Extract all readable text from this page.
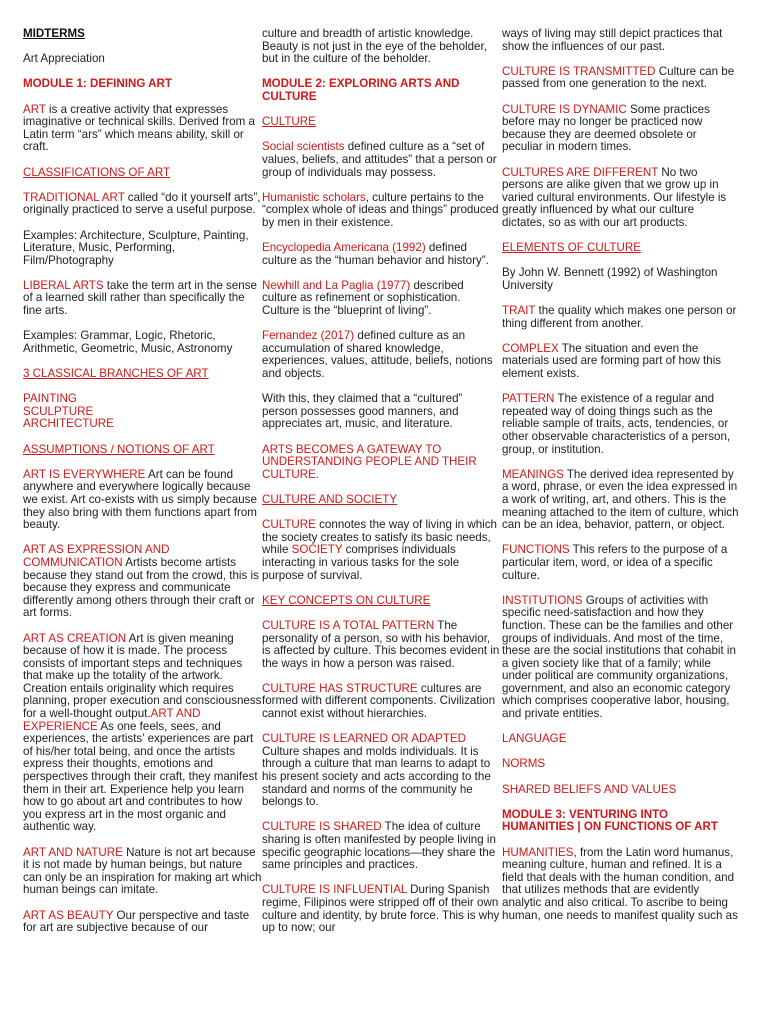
MIDTERMS
Art Appreciation
MODULE 1: DEFINING ART
ART is a creative activity that expresses imaginative or technical skills. Derived from a Latin term “ars” which means ability, skill or craft.
CLASSIFICATIONS OF ART
TRADITIONAL ART called “do it yourself arts”, originally practiced to serve a useful purpose.
Examples: Architecture, Sculpture, Painting, Literature, Music, Performing, Film/Photography
LIBERAL ARTS take the term art in the sense of a learned skill rather than specifically the fine arts.
Examples: Grammar, Logic, Rhetoric, Arithmetic, Geometric, Music, Astronomy
3 CLASSICAL BRANCHES OF ART
PAINTING
SCULPTURE
ARCHITECTURE
ASSUMPTIONS / NOTIONS OF ART
ART IS EVERYWHERE Art can be found anywhere and everywhere logically because we exist. Art co-exists with us simply because they also bring with them functions apart from beauty.
ART AS EXPRESSION AND COMMUNICATION Artists become artists because they stand out from the crowd, this is because they express and communicate differently among others through their craft or art forms.
ART AS CREATION Art is given meaning because of how it is made. The process consists of important steps and techniques that make up the totality of the artwork. Creation entails originality which requires planning, proper execution and consciousness for a well-thought output.ART AND EXPERIENCE As one feels, sees, and experiences, the artists’ experiences are part of his/her total being, and once the artists express their thoughts, emotions and perspectives through their craft, they manifest them in their art. Experience help you learn how to go about art and contributes to how you express art in the most organic and authentic way.
ART AND NATURE Nature is not art because it is not made by human beings, but nature can only be an inspiration for making art which human beings can imitate.
ART AS BEAUTY Our perspective and taste for art are subjective because of our
culture and breadth of artistic knowledge. Beauty is not just in the eye of the beholder, but in the culture of the beholder.
MODULE 2: EXPLORING ARTS AND CULTURE
CULTURE
Social scientists defined culture as a “set of values, beliefs, and attitudes” that a person or group of individuals may possess.
Humanistic scholars, culture pertains to the “complex whole of ideas and things” produced by men in their existence.
Encyclopedia Americana (1992) defined culture as the “human behavior and history”.
Newhill and La Paglia (1977) described culture as refinement or sophistication. Culture is the “blueprint of living”.
Fernandez (2017) defined culture as an accumulation of shared knowledge, experiences, values, attitude, beliefs, notions and objects.
With this, they claimed that a “cultured” person possesses good manners, and appreciates art, music, and literature.
ARTS BECOMES A GATEWAY TO UNDERSTANDING PEOPLE AND THEIR CULTURE.
CULTURE AND SOCIETY
CULTURE connotes the way of living in which the society creates to satisfy its basic needs, while SOCIETY comprises individuals interacting in various tasks for the sole purpose of survival.
KEY CONCEPTS ON CULTURE
CULTURE IS A TOTAL PATTERN The personality of a person, so with his behavior, is affected by culture. This becomes evident in the ways in how a person was raised.
CULTURE HAS STRUCTURE cultures are formed with different components. Civilization cannot exist without hierarchies.
CULTURE IS LEARNED OR ADAPTED Culture shapes and molds individuals. It is through a culture that man learns to adapt to his present society and acts according to the standard and norms of the community he belongs to.
CULTURE IS SHARED The idea of culture sharing is often manifested by people living in specific geographic locations—they share the same principles and practices.
CULTURE IS INFLUENTIAL During Spanish regime, Filipinos were stripped off of their own culture and identity, by brute force. This is why up to now; our
ways of living may still depict practices that show the influences of our past.
CULTURE IS TRANSMITTED Culture can be passed from one generation to the next.
CULTURE IS DYNAMIC Some practices before may no longer be practiced now because they are deemed obsolete or peculiar in modern times.
CULTURES ARE DIFFERENT No two persons are alike given that we grow up in varied cultural environments. Our lifestyle is greatly influenced by what our culture dictates, so as with our art products.
ELEMENTS OF CULTURE
By John W. Bennett (1992) of Washington University
TRAIT the quality which makes one person or thing different from another.
COMPLEX The situation and even the materials used are forming part of how this element exists.
PATTERN The existence of a regular and repeated way of doing things such as the reliable sample of traits, acts, tendencies, or other observable characteristics of a person, group, or institution.
MEANINGS The derived idea represented by a word, phrase, or even the idea expressed in a work of writing, art, and others. This is the meaning attached to the item of culture, which can be an idea, behavior, pattern, or object.
FUNCTIONS This refers to the purpose of a particular item, word, or idea of a specific culture.
INSTITUTIONS Groups of activities with specific need-satisfaction and how they function. These can be the families and other groups of individuals. And most of the time, these are the social institutions that cohabit in a given society like that of a family; while under political are community organizations, government, and also an economic category which comprises cooperative labor, housing, and private entities.
LANGUAGE
NORMS
SHARED BELIEFS AND VALUES
MODULE 3: VENTURING INTO HUMANITIES | ON FUNCTIONS OF ART
HUMANITIES, from the Latin word humanus, meaning culture, human and refined. It is a field that deals with the human condition, and that utilizes methods that are evidently analytic and also critical. To ascribe to being human, one needs to manifest quality such as
